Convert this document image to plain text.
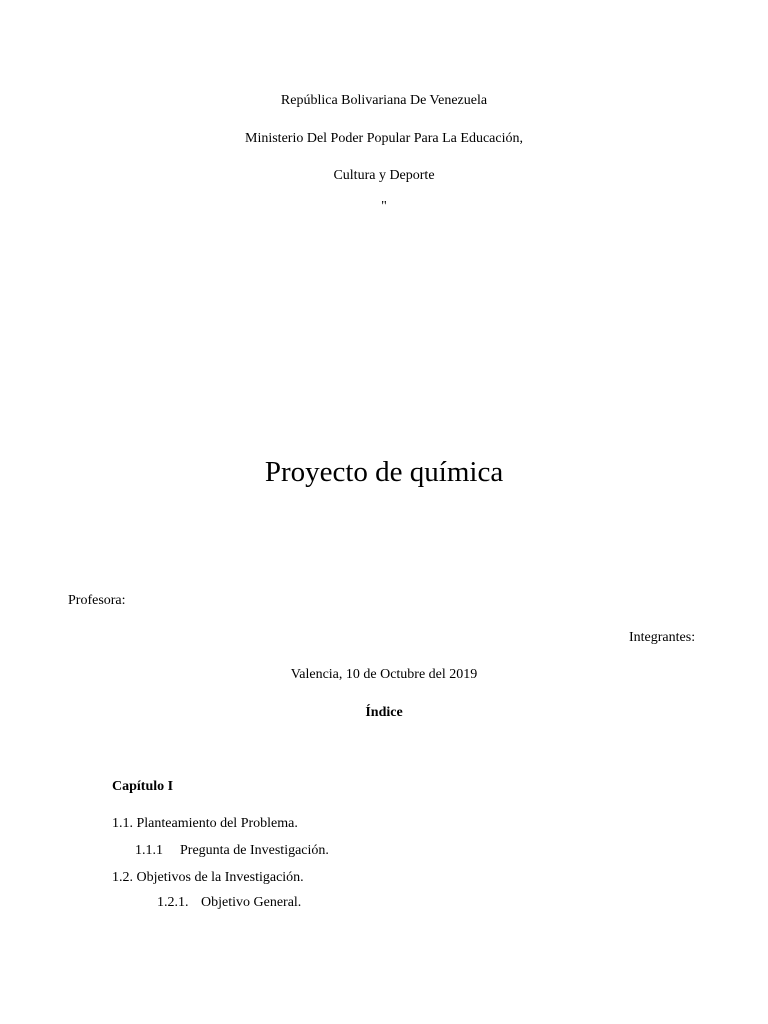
República Bolivariana De Venezuela
Ministerio Del Poder Popular Para La Educación,
Cultura y Deporte
"
Proyecto de química
Profesora:
Integrantes:
Valencia, 10 de Octubre del 2019
Índice
Capítulo I
1.1. Planteamiento del Problema.
1.1.1 Pregunta de Investigación.
1.2. Objetivos de la Investigación.
1.2.1. Objetivo General.
